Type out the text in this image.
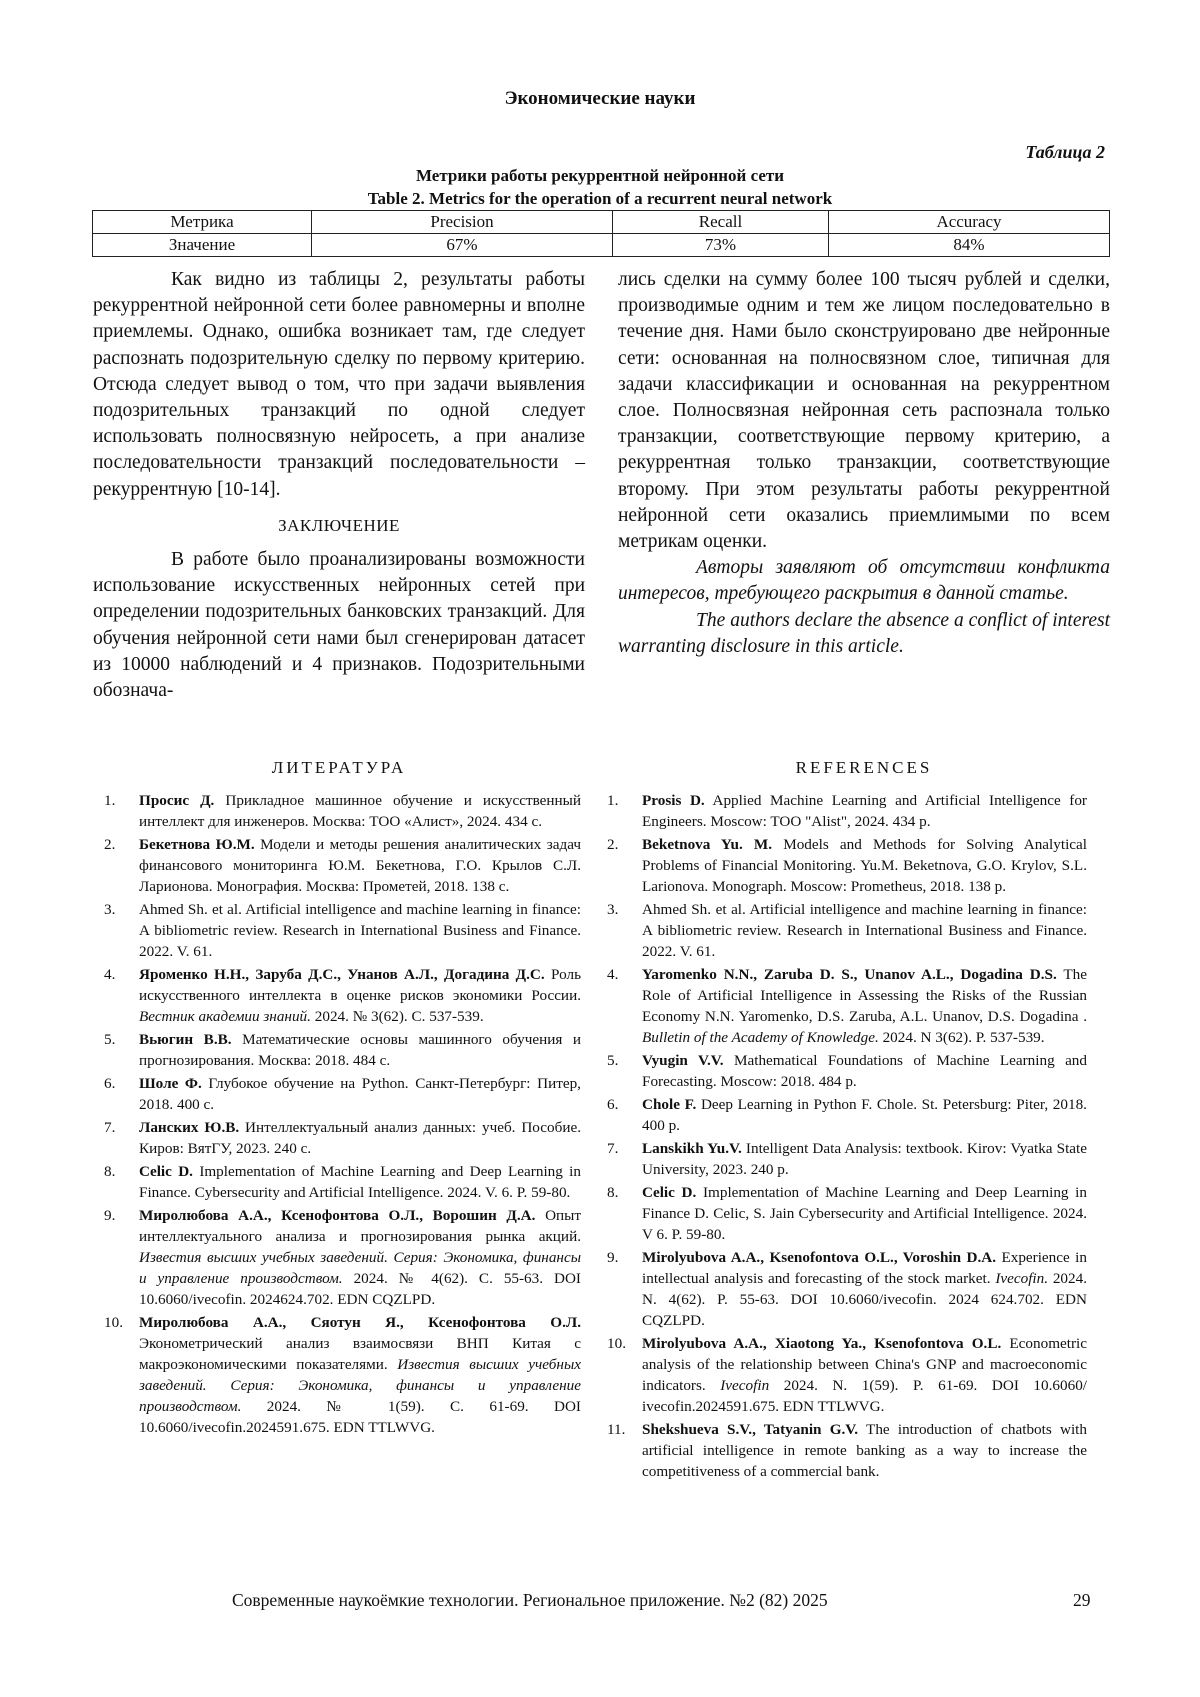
Экономические науки
Таблица 2
Метрики работы рекуррентной нейронной сети
Table 2. Metrics for the operation of a recurrent neural network
Метрика	Precision	Recall	Accuracy
Значение	67%	73%	84%

Как видно из таблицы 2, результаты работы рекуррентной нейронной сети более равномерны и вполне приемлемы. Однако, ошибка возникает там, где следует распознать подозрительную сделку по первому критерию. Отсюда следует вывод о том, что при задачи выявления подозрительных транзакций по одной следует использовать полносвязную нейросеть, а при анализе последовательности транзакций последовательности – рекуррентную [10-14].

ЗАКЛЮЧЕНИЕ

В работе было проанализированы возможности использование искусственных нейронных сетей при определении подозрительных банковских транзакций. Для обучения нейронной сети нами был сгенерирован датасет из 10000 наблюдений и 4 признаков. Подозрительными обознача-

лись сделки на сумму более 100 тысяч рублей и сделки, производимые одним и тем же лицом последовательно в течение дня. Нами было сконструировано две нейронные сети: основанная на полносвязном слое, типичная для задачи классификации и основанная на рекуррентном слое. Полносвязная нейронная сеть распознала только транзакции, соответствующие первому критерию, а рекуррентная только транзакции, соответствующие второму. При этом результаты работы рекуррентной нейронной сети оказались приемлимыми по всем метрикам оценки.

Авторы заявляют об отсутствии конфликта интересов, требующего раскрытия в данной статье.

The authors declare the absence a conflict of interest warranting disclosure in this article.

ЛИТЕРАТУРА	REFERENCES
1. Просис Д. Прикладное машинное обучение и искусственный интеллект для инженеров. Москва: ТОО «Алист», 2024. 434 с.
2. Бекетнова Ю.М. Модели и методы решения аналитических задач финансового мониторинга Ю.М. Бекетнова, Г.О. Крылов С.Л. Ларионова. Монография. Москва: Прометей, 2018. 138 с.
3. Ahmed Sh. et al. Artificial intelligence and machine learning in finance: A bibliometric review. Research in International Business and Finance. 2022. V. 61.
4. Яроменко Н.Н., Заруба Д.С., Унанов А.Л., Догадина Д.С. Роль искусственного интеллекта в оценке рисков экономики России. Вестник академии знаний. 2024. № 3(62). С. 537-539.
5. Вьюгин В.В. Математические основы машинного обучения и прогнозирования. Москва: 2018. 484 с.
6. Шоле Ф. Глубокое обучение на Python. Санкт-Петербург: Питер, 2018. 400 с.
7. Ланских Ю.В. Интеллектуальный анализ данных: учеб. Пособие. Киров: ВятГУ, 2023. 240 с.
8. Celic D. Implementation of Machine Learning and Deep Learning in Finance. Cybersecurity and Artificial Intelligence. 2024. V. 6. P. 59-80.
9. Миролюбова А.А., Ксенофонтова О.Л., Ворошин Д.А. Опыт интеллектуального анализа и прогнозирования рынка акций. Известия высших учебных заведений. Серия: Экономика, финансы и управление производством. 2024. № 4(62). С. 55-63. DOI 10.6060/ivecofin. 2024624.702. EDN CQZLPD.
10. Миролюбова А.А., Сяотун Я., Ксенофонтова О.Л. Эконометрический анализ взаимосвязи ВНП Китая с макроэкономическими показателями. Известия высших учебных заведений. Серия: Экономика, финансы и управление производством. 2024. № 1(59). С. 61-69. DOI 10.6060/ivecofin.2024591.675. EDN TTLWVG.
1. Prosis D. Applied Machine Learning and Artificial Intelligence for Engineers. Moscow: TOO "Alist", 2024. 434 p.
2. Beketnova Yu. M. Models and Methods for Solving Analytical Problems of Financial Monitoring. Yu.M. Beketnova, G.O. Krylov, S.L. Larionova. Monograph. Moscow: Prometheus, 2018. 138 p.
3. Ahmed Sh. et al. Artificial intelligence and machine learning in finance: A bibliometric review. Research in International Business and Finance. 2022. V. 61.
4. Yaromenko N.N., Zaruba D. S., Unanov A.L., Dogadina D.S. The Role of Artificial Intelligence in Assessing the Risks of the Russian Economy N.N. Yaromenko, D.S. Zaruba, A.L. Unanov, D.S. Dogadina . Bulletin of the Academy of Knowledge. 2024. N 3(62). P. 537-539.
5. Vyugin V.V. Mathematical Foundations of Machine Learning and Forecasting. Moscow: 2018. 484 p.
6. Chole F. Deep Learning in Python F. Chole. St. Petersburg: Piter, 2018. 400 p.
7. Lanskikh Yu.V. Intelligent Data Analysis: textbook. Kirov: Vyatka State University, 2023. 240 p.
8. Celic D. Implementation of Machine Learning and Deep Learning in Finance D. Celic, S. Jain Cybersecurity and Artificial Intelligence. 2024. V 6. P. 59-80.
9. Mirolyubova A.A., Ksenofontova O.L., Voroshin D.A. Experience in intellectual analysis and forecasting of the stock market. Ivecofin. 2024. N. 4(62). P. 55-63. DOI 10.6060/ivecofin. 2024 624.702. EDN CQZLPD.
10. Mirolyubova A.A., Xiaotong Ya., Ksenofontova O.L. Econometric analysis of the relationship between China's GNP and macroeconomic indicators. Ivecofin 2024. N. 1(59). P. 61-69. DOI 10.6060/ ivecofin.2024591.675. EDN TTLWVG.
11. Shekshueva S.V., Tatyanin G.V. The introduction of chatbots with artificial intelligence in remote banking as a way to increase the competitiveness of a commercial bank.
Современные наукоёмкие технологии. Региональное приложение. №2 (82) 2025	29
